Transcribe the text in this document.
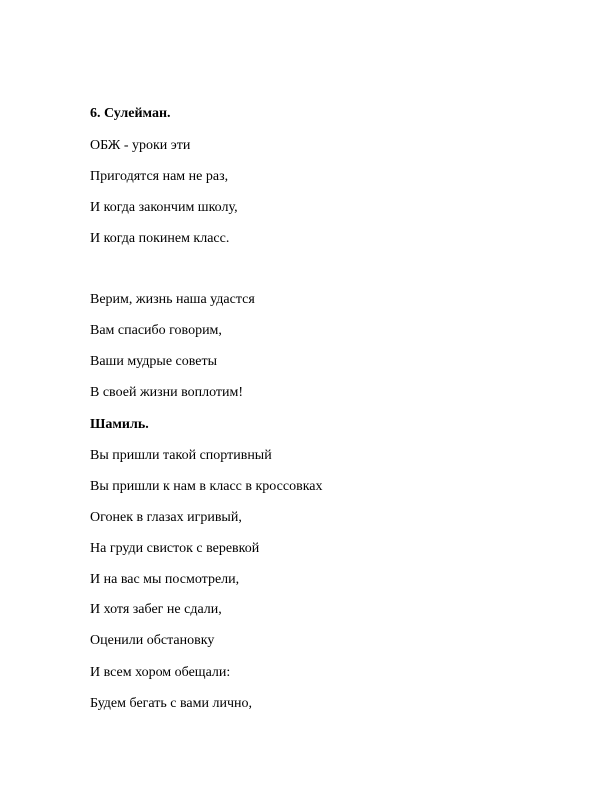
6. Сулейман.
ОБЖ - уроки эти
Пригодятся нам не раз,
И когда закончим школу,
И когда покинем класс.
Верим, жизнь наша удастся
Вам спасибо говорим,
Ваши мудрые советы
В своей жизни воплотим!
Шамиль.
Вы пришли такой спортивный
Вы пришли к нам в класс в кроссовках
Огонек в глазах игривый,
На груди свисток с веревкой
И на вас мы посмотрели,
И хотя забег не сдали,
Оценили обстановку
И всем хором обещали:
Будем бегать с вами лично,
